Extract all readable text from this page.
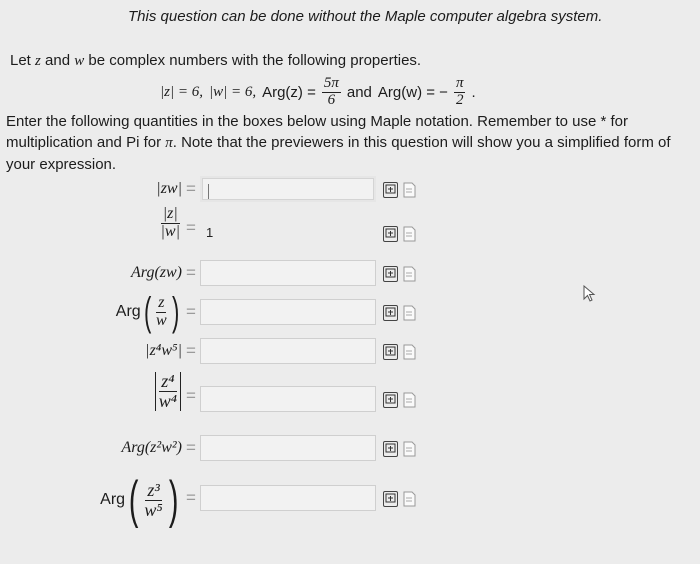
This question can be done without the Maple computer algebra system.
Let z and w be complex numbers with the following properties.
|z| = 6, |w| = 6, $Arg(z) = \frac{5\pi}{6}$ and Arg(w) = − $\frac{\pi}{2}$ .
Enter the following quantities in the boxes below using Maple notation. Remember to use * for multiplication and Pi for π. Note that the previewers in this question will show you a simplified form of your expression.
|zw| =
$\frac{|z|}{|w|} = 1$
Arg(zw) =
Arg ( $\frac{z}{w}$ ) =
|z⁴w⁵| =
$\frac{\text{z⁴}}{\text{w⁴}}$ =
Arg(z²w²) =
Arg ( $\frac{\text{z³}}{\text{w⁵}}$ ) =
